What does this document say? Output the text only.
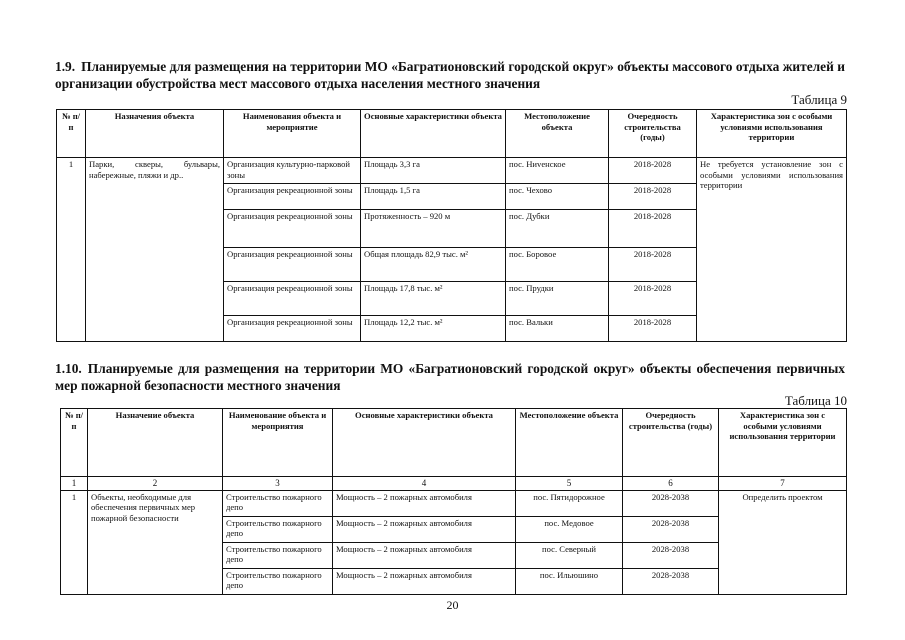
1.9. Планируемые для размещения на территории МО «Багратионовский городской округ» объекты массового отдыха жителей и организации обустройства мест массового отдыха населения местного значения
Таблица 9
№ п/п	Назначения объекта	Наименования объекта и мероприятие	Основные характеристики объекта	Местоположение объекта	Очередность строительства (годы)	Характеристика зон с особыми условиями использования территории
1	Парки, скверы, бульвары, набережные, пляжи и др..	Организация культурно-парковой зоны	Площадь 3,3 га	пос. Ниvенское	2018-2028	Не требуется установление зон с особыми условиями использования территории
		Организация рекреационной зоны	Площадь 1,5 га	пос. Чехово	2018-2028	
		Организация рекреационной зоны	Протяженность – 920 м	пос. Дубки	2018-2028	
		Организация рекреационной зоны	Общая площадь 82,9 тыс. м²	пос. Боровое	2018-2028	
		Организация рекреационной зоны	Площадь 17,8 тыс. м²	пос. Прудки	2018-2028	
		Организация рекреационной зоны	Площадь 12,2 тыс. м²	пос. Вальки	2018-2028	
1.10. Планируемые для размещения на территории МО «Багратионовский городской округ» объекты обеспечения первичных мер пожарной безопасности местного значения
Таблица 10
№ п/п	Назначение объекта	Наименование объекта и мероприятия	Основные характеристики объекта	Местоположение объекта	Очередность строительства (годы)	Характеристика зон с особыми условиями использования территории
1	2	3	4	5	6	7
1	Объекты, необходимые для обеспечения первичных мер пожарной безопасности	Строительство пожарного депо	Мощность – 2 пожарных автомобиля	пос. Пятидорожное	2028-2038	Определить проектом
		Строительство пожарного депо	Мощность – 2 пожарных автомобиля	пос. Медовое	2028-2038	
		Строительство пожарного депо	Мощность – 2 пожарных автомобиля	пос. Северный	2028-2038	
		Строительство пожарного депо	Мощность – 2 пожарных автомобиля	пос. Ильюшино	2028-2038	
20
